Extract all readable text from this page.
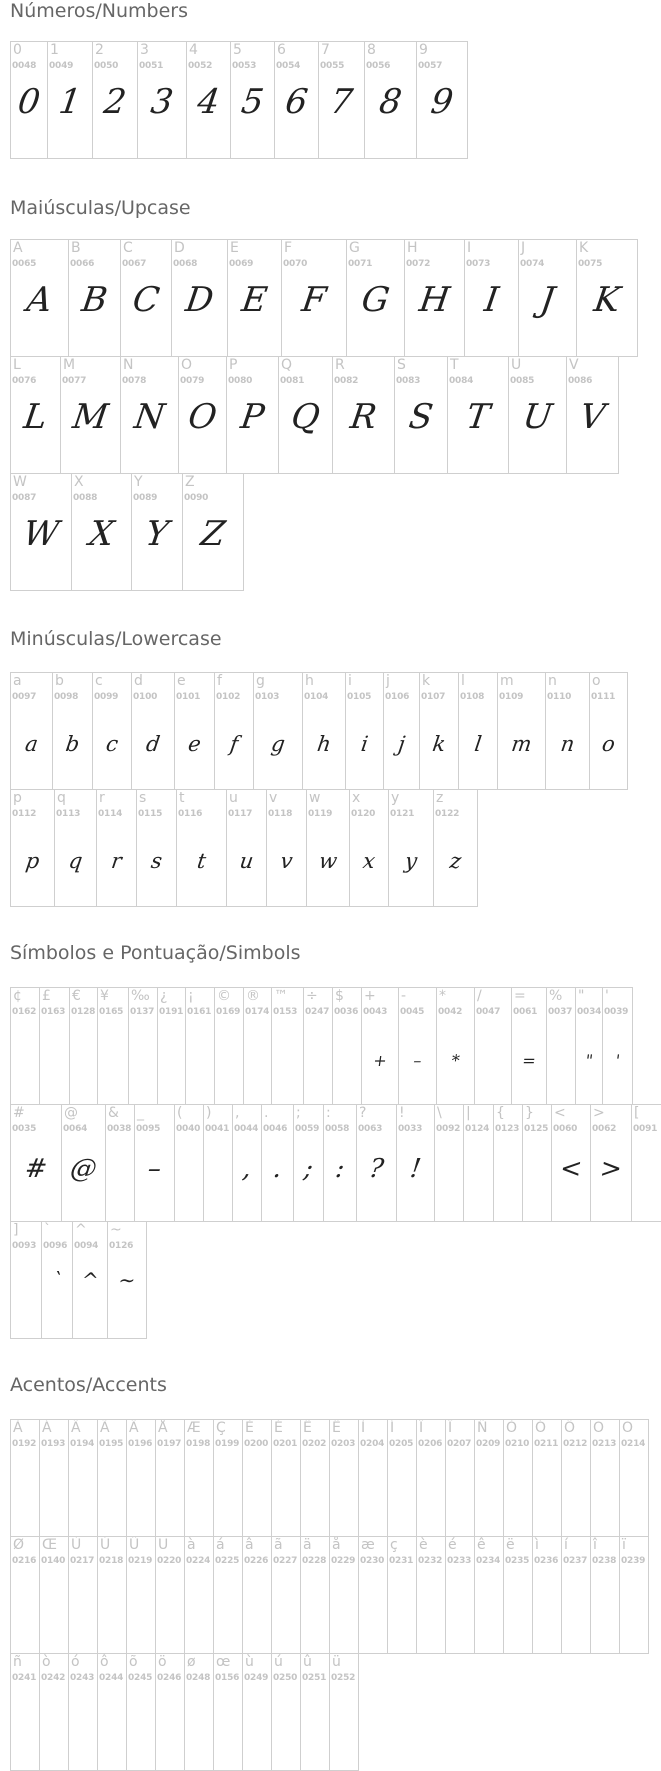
Números/Numbers
0
0048
0
1
0049
1
2
0050
2
3
0051
3
4
0052
4
5
0053
5
6
0054
6
7
0055
7
8
0056
8
9
0057
9
Maiúsculas/Upcase
A
0065
A
B
0066
B
C
0067
C
D
0068
D
E
0069
E
F
0070
F
G
0071
G
H
0072
H
I
0073
I
J
0074
J
K
0075
K
L
0076
L
M
0077
M
N
0078
N
O
0079
O
P
0080
P
Q
0081
Q
R
0082
R
S
0083
S
T
0084
T
U
0085
U
V
0086
V
W
0087
W
X
0088
X
Y
0089
Y
Z
0090
Z
Minúsculas/Lowercase
a
0097
a
b
0098
b
c
0099
c
d
0100
d
e
0101
e
f
0102
f
g
0103
g
h
0104
h
i
0105
i
j
0106
j
k
0107
k
l
0108
l
m
0109
m
n
0110
n
o
0111
o
p
0112
p
q
0113
q
r
0114
r
s
0115
s
t
0116
t
u
0117
u
v
0118
v
w
0119
w
x
0120
x
y
0121
y
z
0122
z
Símbolos e Pontuação/Simbols
¢
0162
£
0163
€
0128
¥
0165
‰
0137
¿
0191
¡
0161
©
0169
®
0174
™
0153
÷
0247
$
0036
+
0043
+
-
0045
–
*
0042
*
/
0047
=
0061
=
%
0037
"
0034
"
'
0039
'
#
0035
#
@
0064
@
&
0038
_
0095
–
(
0040
)
0041
,
0044
,
.
0046
.
;
0059
;
:
0058
:
?
0063
?
!
0033
!
\
0092
|
0124
{
0123
}
0125
<
0060
<
>
0062
>
[
0091
]
0093
`
0096
`
^
0094
^
~
0126
~
Acentos/Accents
À
0192
Á
0193
Â
0194
Ã
0195
Ä
0196
Å
0197
Æ
0198
Ç
0199
È
0200
É
0201
Ê
0202
Ë
0203
Ì
0204
Í
0205
Î
0206
Ï
0207
Ñ
0209
Ò
0210
Ó
0211
Ô
0212
Õ
0213
Ö
0214
Ø
0216
Œ
0140
Ù
0217
Ú
0218
Û
0219
Ü
0220
à
0224
á
0225
â
0226
ã
0227
ä
0228
å
0229
æ
0230
ç
0231
è
0232
é
0233
ê
0234
ë
0235
ì
0236
í
0237
î
0238
ï
0239
ñ
0241
ò
0242
ó
0243
ô
0244
õ
0245
ö
0246
ø
0248
œ
0156
ù
0249
ú
0250
û
0251
ü
0252
